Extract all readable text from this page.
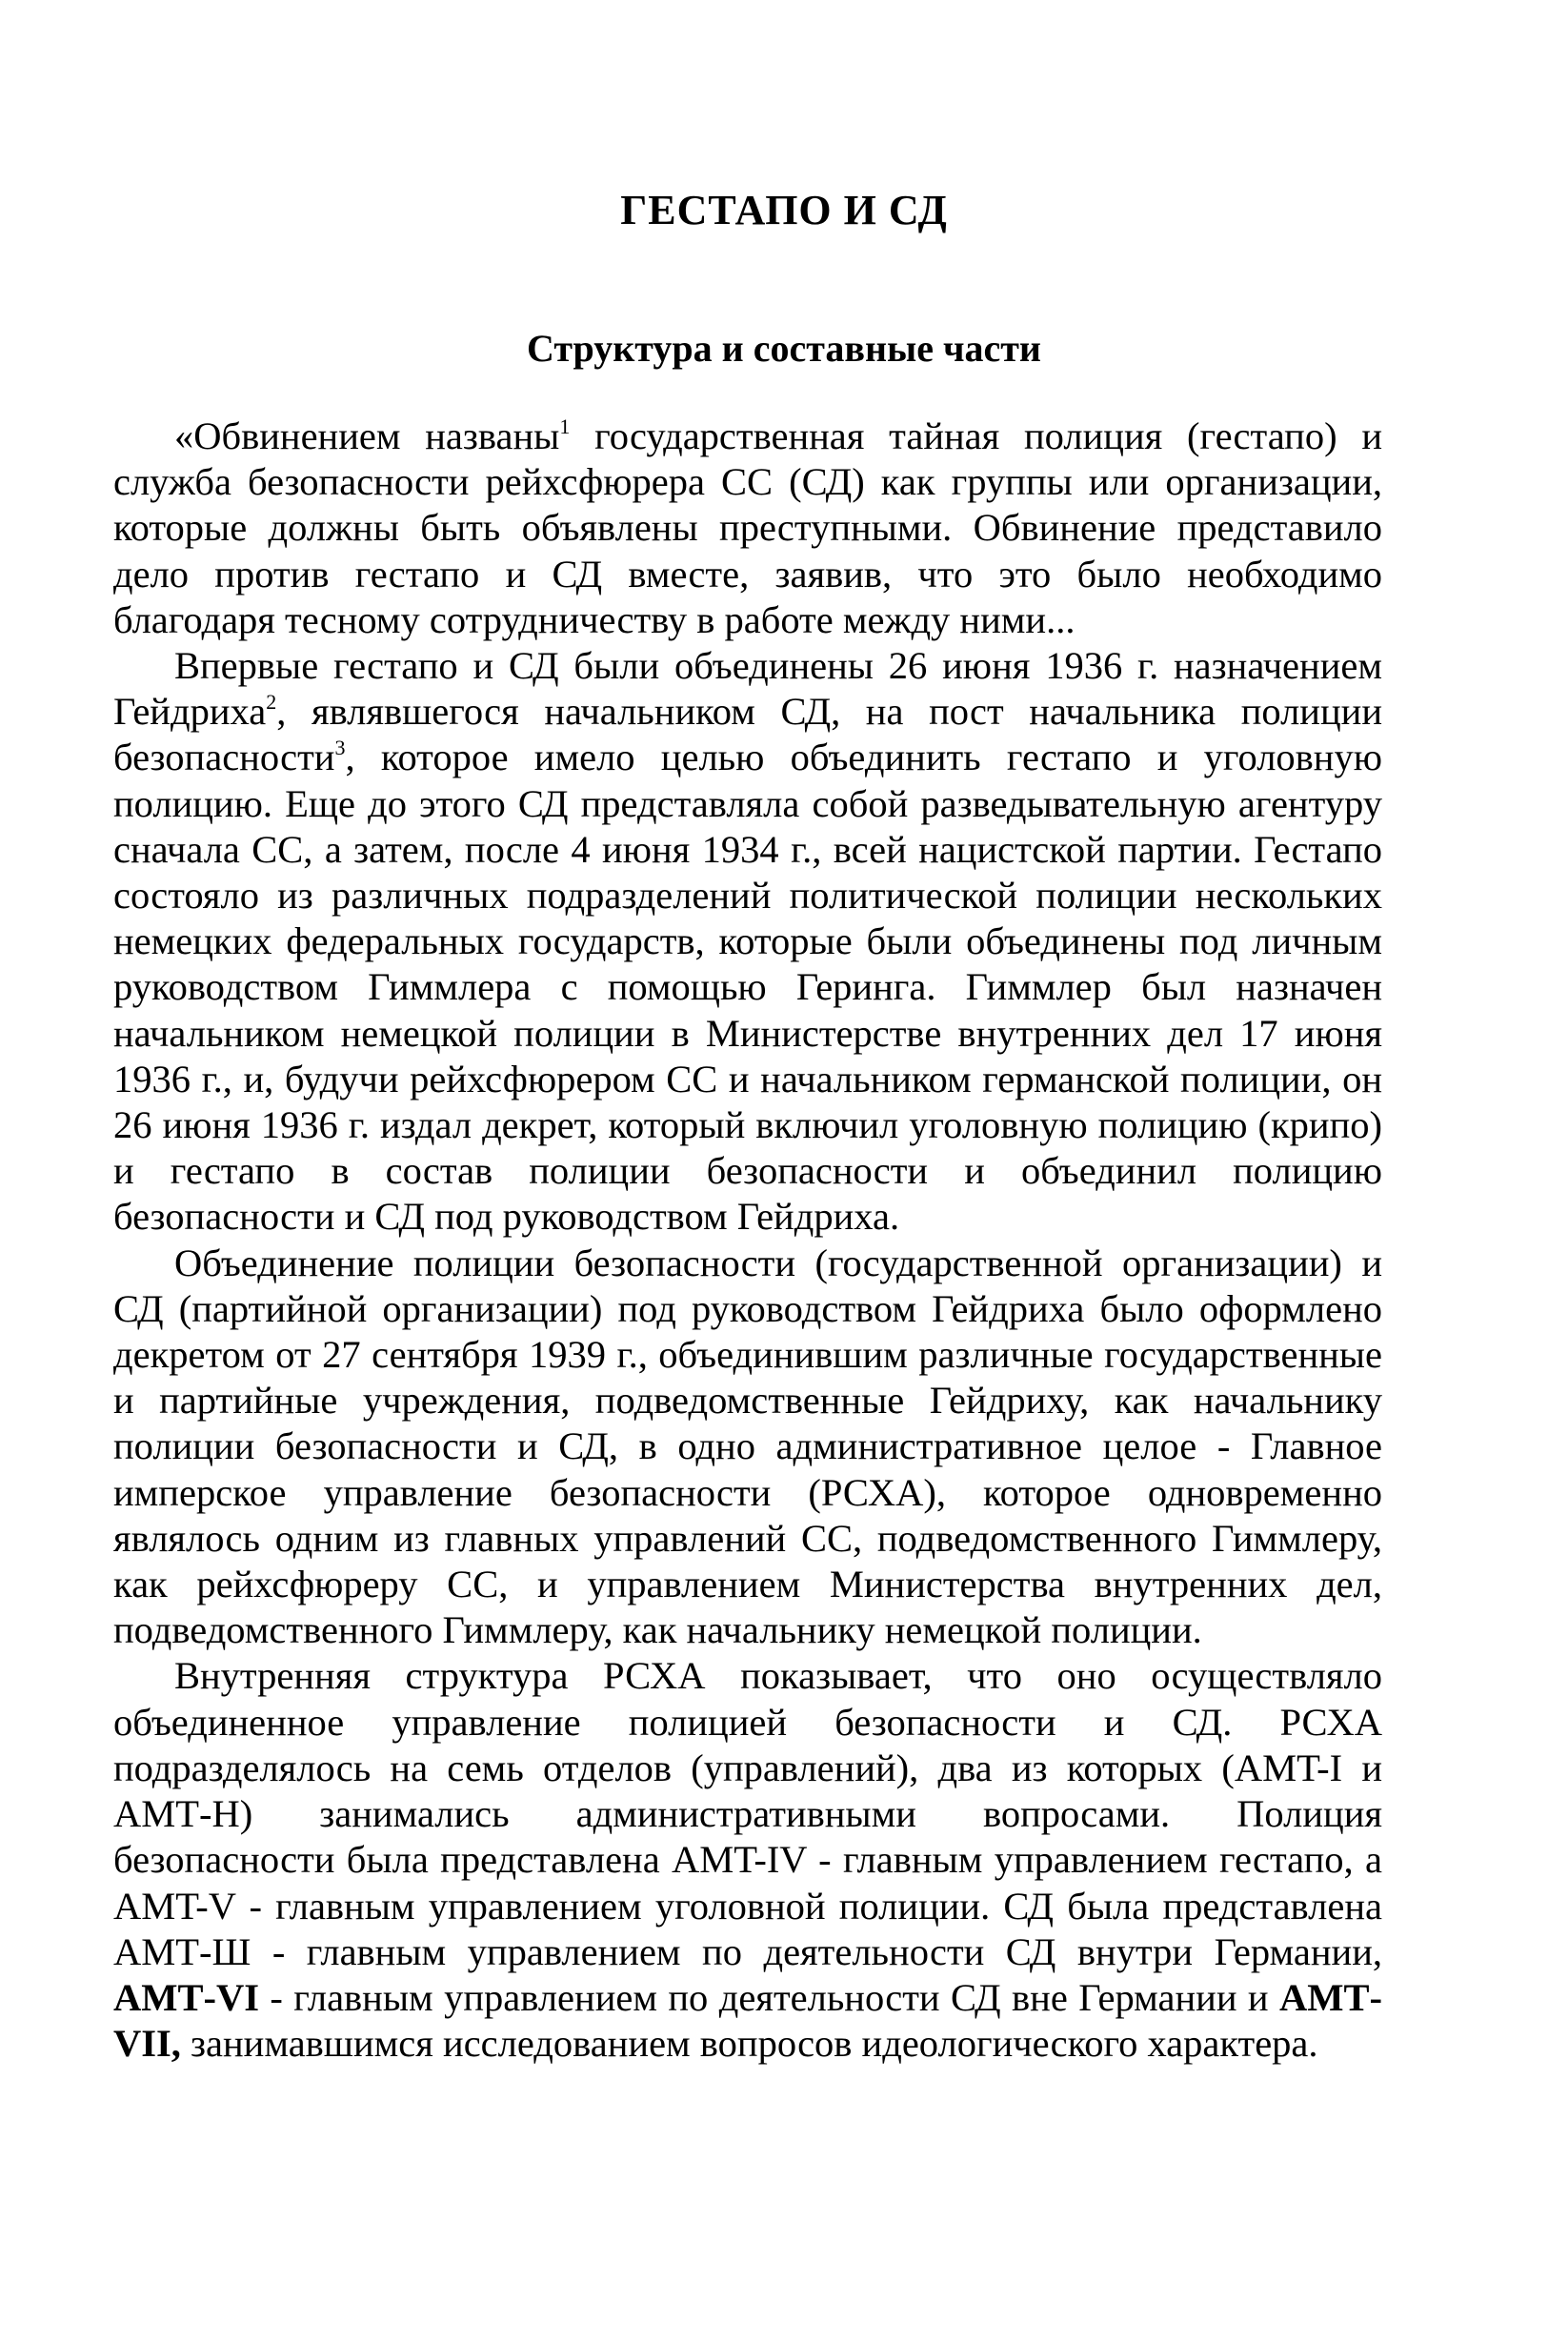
ГЕСТАПО И СД
Структура и составные части

«Обвинением названы$^1$ государственная тайная полиция (гестапо) и служба безопасности рейхсфюрера СС (СД) как группы или организации, которые должны быть объявлены преступными. Обвинение представило дело против гестапо и СД вместе, заявив, что это было необходимо благодаря тесному сотрудничеству в работе между ними...

Впервые гестапо и СД были объединены 26 июня 1936 г. назначением Гейдриха$^2$, являвшегося начальником СД, на пост начальника полиции безопасности$^3$, которое имело целью объединить гестапо и уголовную полицию. Еще до этого СД представляла собой разведывательную агентуру сначала СС, а затем, после 4 июня 1934 г., всей нацистской партии. Гестапо состояло из различных подразделений политической полиции нескольких немецких федеральных государств, которые были объединены под личным руководством Гиммлера с помощью Геринга. Гиммлер был назначен начальником немецкой полиции в Министерстве внутренних дел 17 июня 1936 г., и, будучи рейхсфюрером СС и начальником германской полиции, он 26 июня 1936 г. издал декрет, который включил уголовную полицию (крипо) и гестапо в состав полиции безопасности и объединил полицию безопасности и СД под руководством Гейдриха.

Объединение полиции безопасности (государственной организации) и СД (партийной организации) под руководством Гейдриха было оформлено декретом от 27 сентября 1939 г., объединившим различные государственные и партийные учреждения, подведомственные Гейдриху, как начальнику полиции безопасности и СД, в одно административное целое - Главное имперское управление безопасности (РСХА), которое одновременно являлось одним из главных управлений СС, подведомственного Гиммлеру, как рейхсфюреру СС, и управлением Министерства внутренних дел, подведомственного Гиммлеру, как начальнику немецкой полиции.

Внутренняя структура РСХА показывает, что оно осуществляло объединенное управление полицией безопасности и СД. РСХА подразделялось на семь отделов (управлений), два из которых (AMT-I и АМТ-Н) занимались административными вопросами. Полиция безопасности была представлена AMT-IV - главным управлением гестапо, a AMT-V - главным управлением уголовной полиции. СД была представлена АМТ-Ш - главным управлением по деятельности СД внутри Германии, АМТ-VI - главным управлением по деятельности СД вне Германии и АМТ-VII, занимавшимся исследованием вопросов идеологического характера.
